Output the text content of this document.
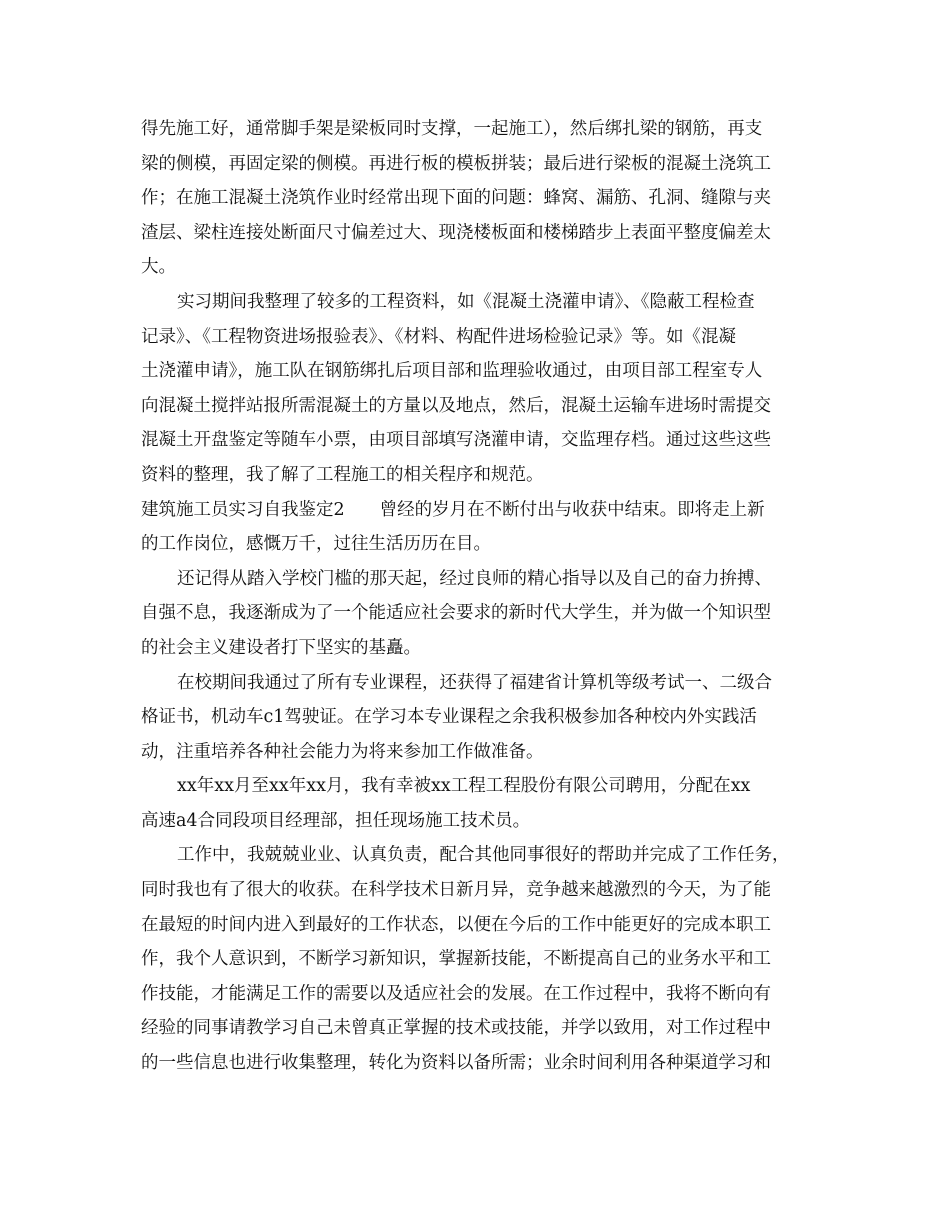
得先施工好，通常脚手架是梁板同时支撑，一起施工），然后绑扎梁的钢筋，再支
梁的侧模，再固定梁的侧模。再进行板的模板拼装；最后进行梁板的混凝土浇筑工
作；在施工混凝土浇筑作业时经常出现下面的问题：蜂窝、漏筋、孔洞、缝隙与夹
渣层、梁柱连接处断面尺寸偏差过大、现浇楼板面和楼梯踏步上表面平整度偏差太
大。
实习期间我整理了较多的工程资料，如《混凝土浇灌申请》、《隐蔽工程检查
记录》、《工程物资进场报验表》、《材料、构配件进场检验记录》等。如《混凝
土浇灌申请》，施工队在钢筋绑扎后项目部和监理验收通过，由项目部工程室专人
向混凝土搅拌站报所需混凝土的方量以及地点，然后，混凝土运输车进场时需提交
混凝土开盘鉴定等随车小票，由项目部填写浇灌申请，交监理存档。通过这些这些
资料的整理，我了解了工程施工的相关程序和规范。
建筑施工员实习自我鉴定2　　曾经的岁月在不断付出与收获中结束。即将走上新
的工作岗位，感慨万千，过往生活历历在目。
还记得从踏入学校门槛的那天起，经过良师的精心指导以及自己的奋力拚搏、
自强不息，我逐渐成为了一个能适应社会要求的新时代大学生，并为做一个知识型
的社会主义建设者打下坚实的基矗。
在校期间我通过了所有专业课程，还获得了福建省计算机等级考试一、二级合
格证书，机动车c1驾驶证。在学习本专业课程之余我积极参加各种校内外实践活
动，注重培养各种社会能力为将来参加工作做准备。
xx年xx月至xx年xx月，我有幸被xx工程工程股份有限公司聘用，分配在xx
高速a4合同段项目经理部，担任现场施工技术员。
工作中，我兢兢业业、认真负责，配合其他同事很好的帮助并完成了工作任务，
同时我也有了很大的收获。在科学技术日新月异，竞争越来越激烈的今天，为了能
在最短的时间内进入到最好的工作状态，以便在今后的工作中能更好的完成本职工
作，我个人意识到，不断学习新知识，掌握新技能，不断提高自己的业务水平和工
作技能，才能满足工作的需要以及适应社会的发展。在工作过程中，我将不断向有
经验的同事请教学习自己未曾真正掌握的技术或技能，并学以致用，对工作过程中
的一些信息也进行收集整理，转化为资料以备所需；业余时间利用各种渠道学习和
